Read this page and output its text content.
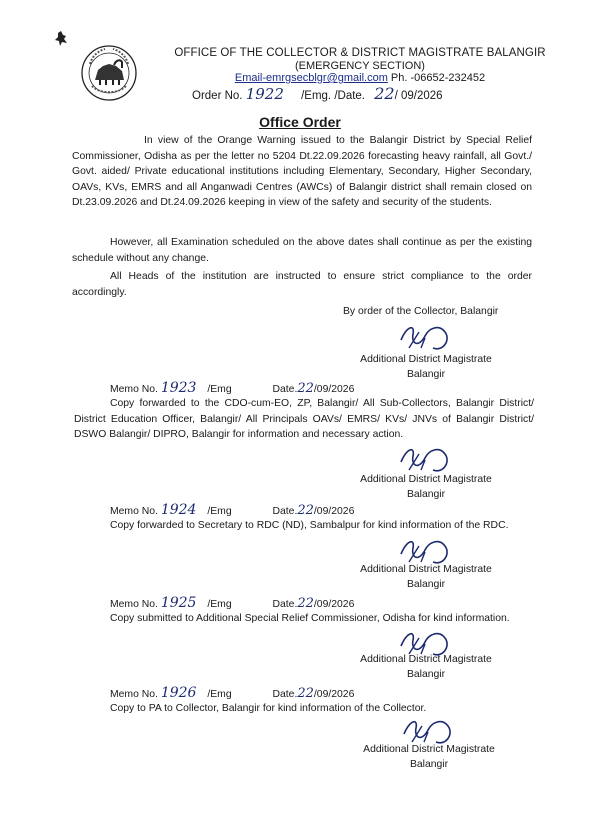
OFFICE OF THE COLLECTOR & DISTRICT MAGISTRATE BALANGIR
(EMERGENCY SECTION)
Email-emrgsecblgr@gmail.com Ph. -06652-232452
Order No. 1922 /Emg. /Date. 22/ 09/2026
Office Order
In view of the Orange Warning issued to the Balangir District by Special Relief Commissioner, Odisha as per the letter no 5204 Dt.22.09.2026 forecasting heavy rainfall, all Govt./ Govt. aided/ Private educational institutions including Elementary, Secondary, Higher Secondary, OAVs, KVs, EMRS and all Anganwadi Centres (AWCs) of Balangir district shall remain closed on Dt.23.09.2026 and Dt.24.09.2026 keeping in view of the safety and security of the students.
However, all Examination scheduled on the above dates shall continue as per the existing schedule without any change.
All Heads of the institution are instructed to ensure strict compliance to the order accordingly.
By order of the Collector, Balangir
Additional District Magistrate
Balangir
Memo No. 1923 /Emg	Date.22/09/2026
Copy forwarded to the CDO-cum-EO, ZP, Balangir/ All Sub-Collectors, Balangir District/ District Education Officer, Balangir/ All Principals OAVs/ EMRS/ KVs/ JNVs of Balangir District/ DSWO Balangir/ DIPRO, Balangir for information and necessary action.
Additional District Magistrate
Balangir
Memo No. 1924 /Emg	Date.22/09/2026
Copy forwarded to Secretary to RDC (ND), Sambalpur for kind information of the RDC.
Additional District Magistrate
Balangir
Memo No. 1925 /Emg	Date.22/09/2026
Copy submitted to Additional Special Relief Commissioner, Odisha for kind information.
Additional District Magistrate
Balangir
Memo No. 1926 /Emg	Date.22/09/2026
Copy to PA to Collector, Balangir for kind information of the Collector.
Additional District Magistrate
Balangir
